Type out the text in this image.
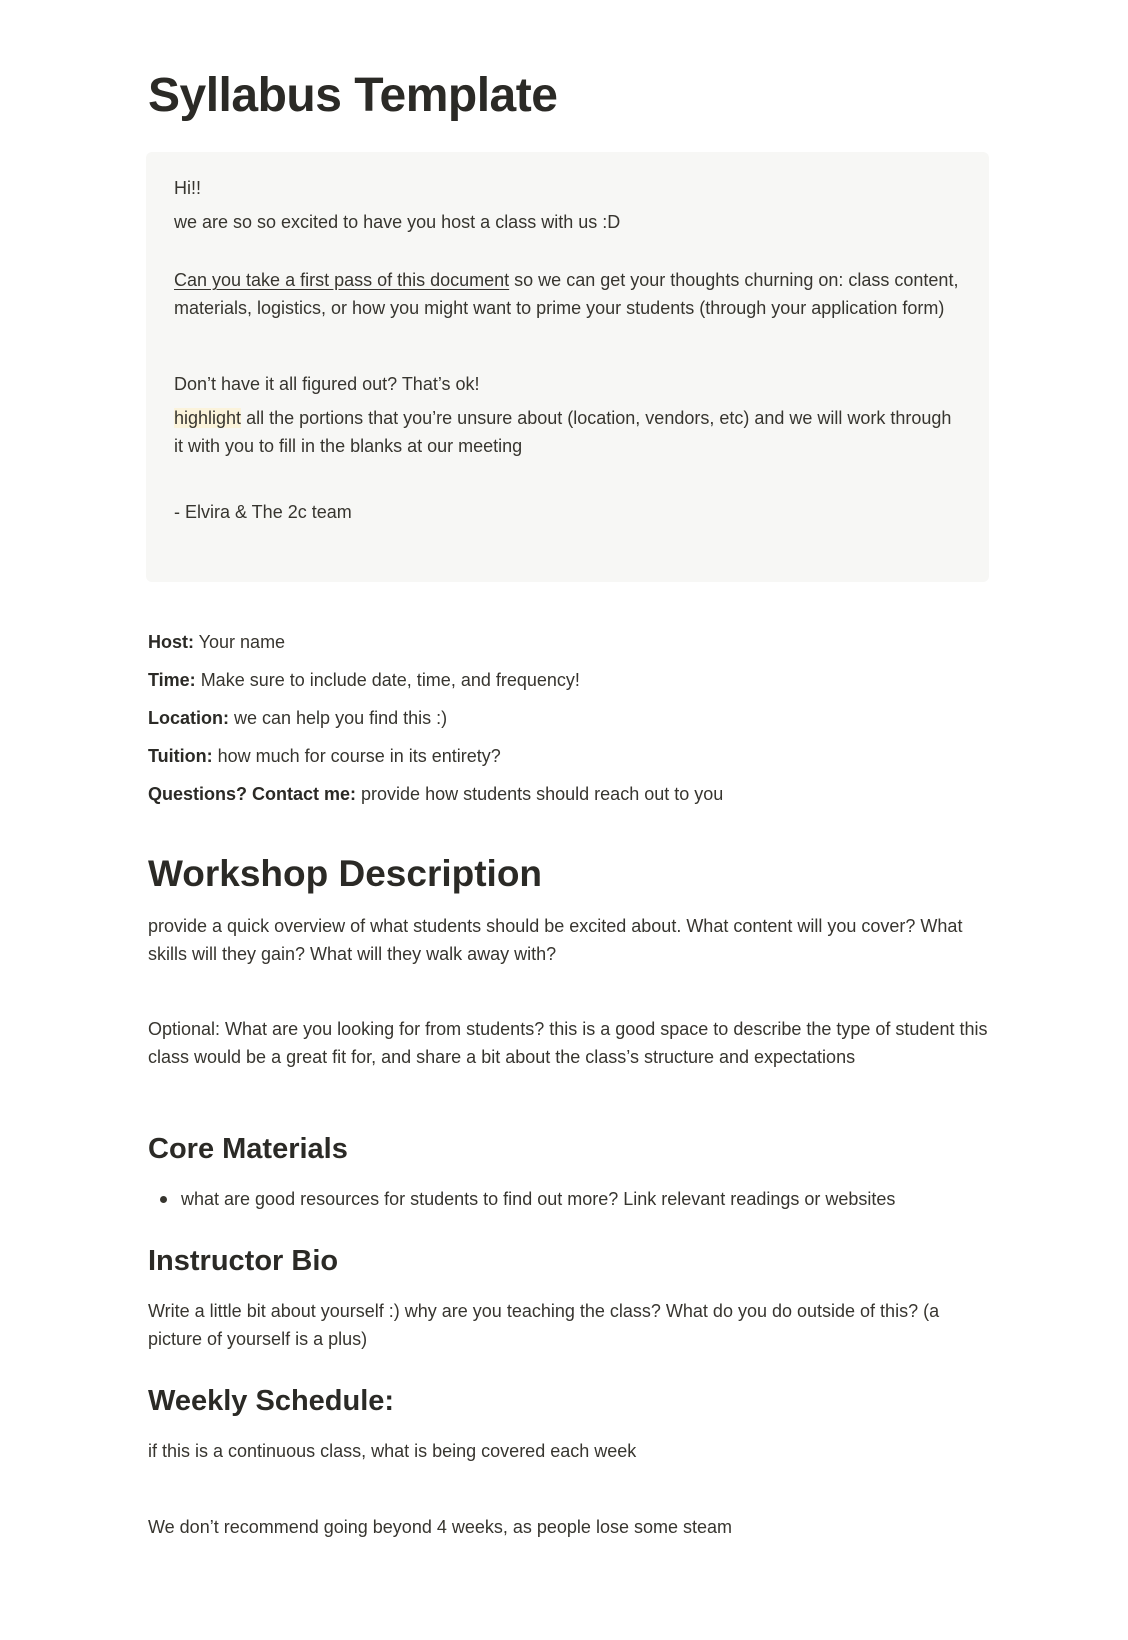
Syllabus Template

Hi!!

we are so so excited to have you host a class with us :D

Can you take a first pass of this document so we can get your thoughts churning on: class content, materials, logistics, or how you might want to prime your students (through your application form)

Don’t have it all figured out? That’s ok!

highlight all the portions that you’re unsure about (location, vendors, etc) and we will work through it with you to fill in the blanks at our meeting

- Elvira & The 2c team

Host: Your name

Time: Make sure to include date, time, and frequency!

Location: we can help you find this :)

Tuition: how much for course in its entirety?

Questions? Contact me: provide how students should reach out to you

Workshop Description

provide a quick overview of what students should be excited about. What content will you cover? What skills will they gain? What will they walk away with?

Optional: What are you looking for from students? this is a good space to describe the type of student this class would be a great fit for, and share a bit about the class’s structure and expectations

Core Materials
what are good resources for students to find out more? Link relevant readings or websites
Instructor Bio

Write a little bit about yourself :) why are you teaching the class? What do you do outside of this? (a picture of yourself is a plus)

Weekly Schedule:

if this is a continuous class, what is being covered each week

We don’t recommend going beyond 4 weeks, as people lose some steam
